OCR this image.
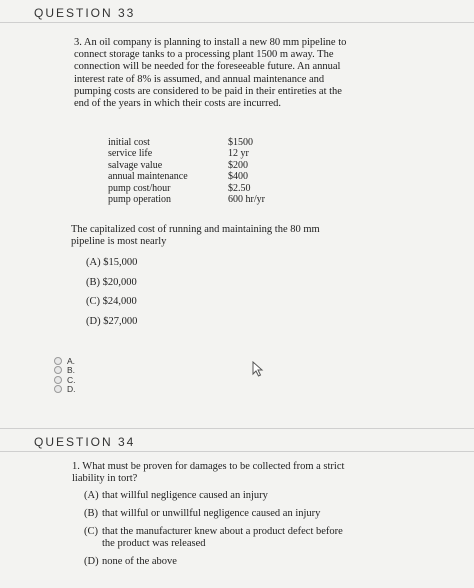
QUESTION 33
3. An oil company is planning to install a new 80 mm pipeline to connect storage tanks to a processing plant 1500 m away. The connection will be needed for the foreseeable future. An annual interest rate of 8% is assumed, and annual maintenance and pumping costs are considered to be paid in their entireties at the end of the years in which their costs are incurred.
initial cost	$1500
service life	12 yr
salvage value	$200
annual maintenance	$400
pump cost/hour	$2.50
pump operation	600 hr/yr
The capitalized cost of running and maintaining the 80 mm pipeline is most nearly
(A) $15,000
(B) $20,000
(C) $24,000
(D) $27,000
A.
B.
C.
D.
QUESTION 34
1. What must be proven for damages to be collected from a strict liability in tort?
(A) that willful negligence caused an injury
(B) that willful or unwillful negligence caused an injury
(C) that the manufacturer knew about a product defect before the product was released
(D) none of the above
